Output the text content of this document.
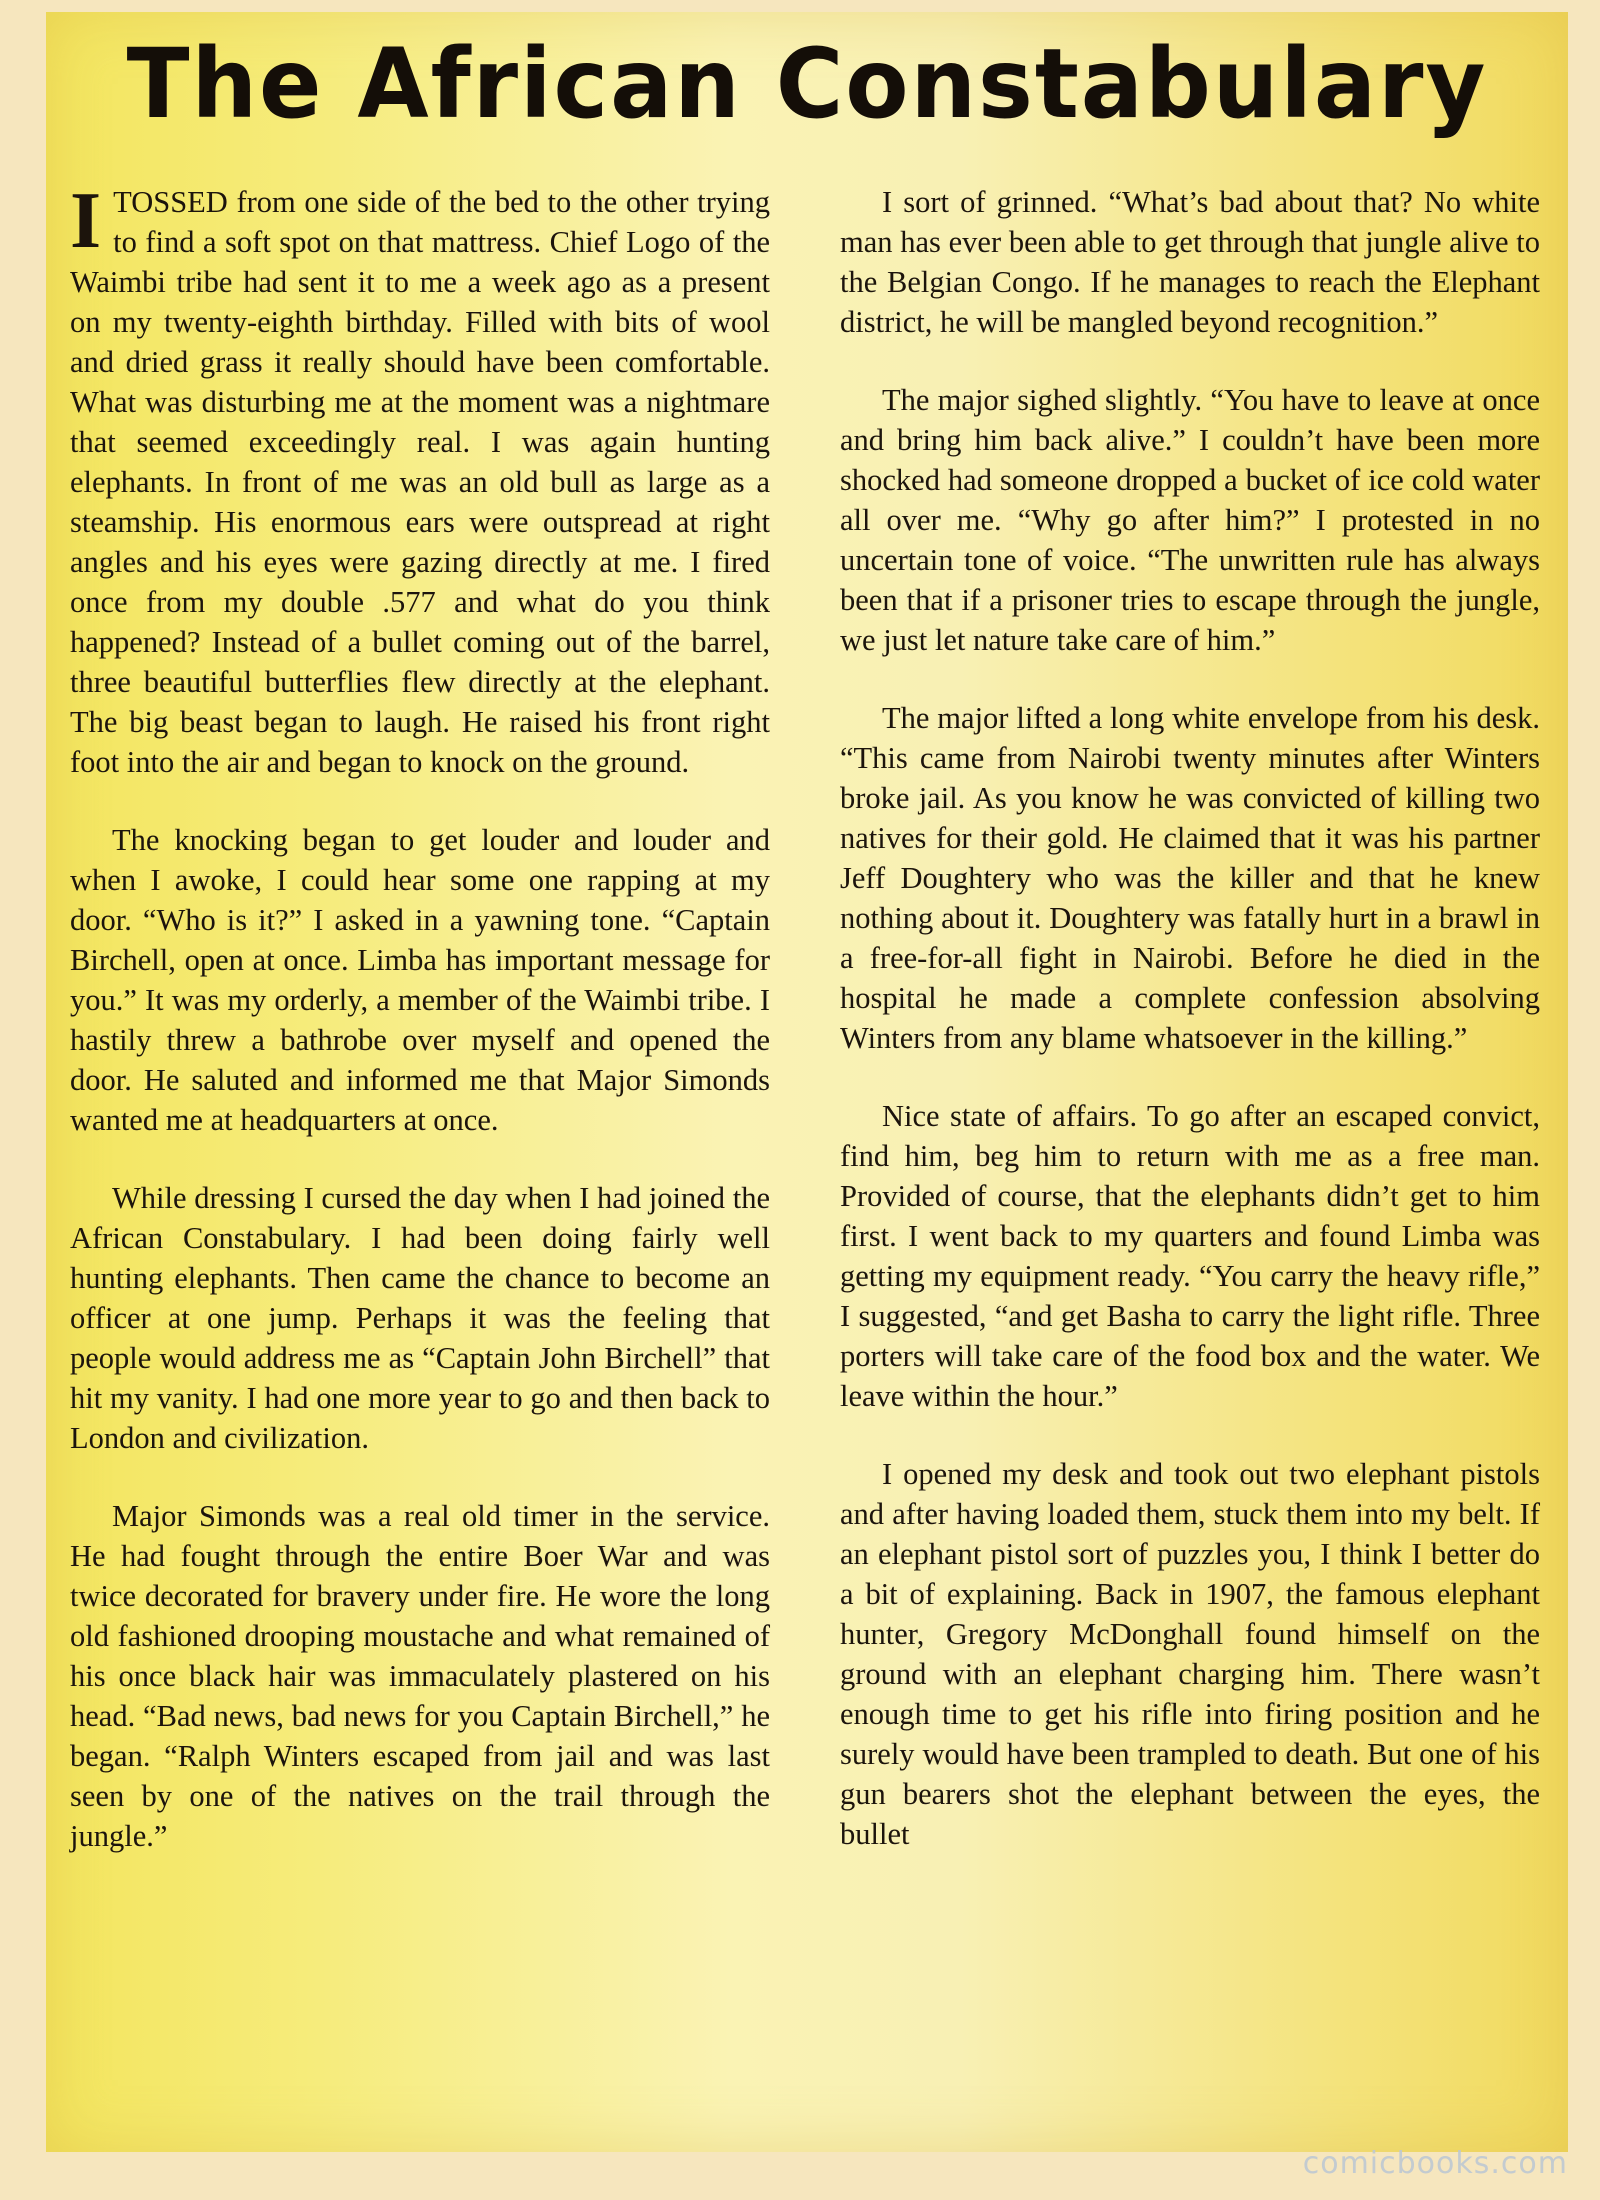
The African Constabulary

ITOSSED from one side of the bed to the other trying to find a soft spot on that mattress. Chief Logo of the Waimbi tribe had sent it to me a week ago as a present on my twenty-eighth birthday. Filled with bits of wool and dried grass it really should have been comfortable. What was disturbing me at the moment was a nightmare that seemed exceedingly real. I was again hunting elephants. In front of me was an old bull as large as a steamship. His enormous ears were outspread at right angles and his eyes were gazing directly at me. I fired once from my double .577 and what do you think happened? Instead of a bullet coming out of the barrel, three beautiful butterflies flew directly at the elephant. The big beast began to laugh. He raised his front right foot into the air and began to knock on the ground.

The knocking began to get louder and louder and when I awoke, I could hear some one rapping at my door. “Who is it?” I asked in a yawning tone. “Captain Birchell, open at once. Limba has important message for you.” It was my orderly, a member of the Waimbi tribe. I hastily threw a bathrobe over myself and opened the door. He saluted and informed me that Major Simonds wanted me at headquarters at once.

While dressing I cursed the day when I had joined the African Constabulary. I had been doing fairly well hunting elephants. Then came the chance to become an officer at one jump. Perhaps it was the feeling that people would address me as “Captain John Birchell” that hit my vanity. I had one more year to go and then back to London and civilization.

Major Simonds was a real old timer in the service. He had fought through the entire Boer War and was twice decorated for bravery under fire. He wore the long old fashioned drooping moustache and what remained of his once black hair was immaculately plastered on his head. “Bad news, bad news for you Captain Birchell,” he began. “Ralph Winters escaped from jail and was last seen by one of the natives on the trail through the jungle.”

I sort of grinned. “What’s bad about that? No white man has ever been able to get through that jungle alive to the Belgian Congo. If he manages to reach the Elephant district, he will be mangled beyond recognition.”

The major sighed slightly. “You have to leave at once and bring him back alive.” I couldn’t have been more shocked had someone dropped a bucket of ice cold water all over me. “Why go after him?” I protested in no uncertain tone of voice. “The unwritten rule has always been that if a prisoner tries to escape through the jungle, we just let nature take care of him.”

The major lifted a long white envelope from his desk. “This came from Nairobi twenty minutes after Winters broke jail. As you know he was convicted of killing two natives for their gold. He claimed that it was his partner Jeff Doughtery who was the killer and that he knew nothing about it. Doughtery was fatally hurt in a brawl in a free-for-all fight in Nairobi. Before he died in the hospital he made a complete confession absolving Winters from any blame whatsoever in the killing.”

Nice state of affairs. To go after an escaped convict, find him, beg him to return with me as a free man. Provided of course, that the elephants didn’t get to him first. I went back to my quarters and found Limba was getting my equipment ready. “You carry the heavy rifle,” I suggested, “and get Basha to carry the light rifle. Three porters will take care of the food box and the water. We leave within the hour.”

I opened my desk and took out two elephant pistols and after having loaded them, stuck them into my belt. If an elephant pistol sort of puzzles you, I think I better do a bit of explaining. Back in 1907, the famous elephant hunter, Gregory McDonghall found himself on the ground with an elephant charging him. There wasn’t enough time to get his rifle into firing position and he surely would have been trampled to death. But one of his gun bearers shot the elephant between the eyes, the bullet

comicbooks.com
